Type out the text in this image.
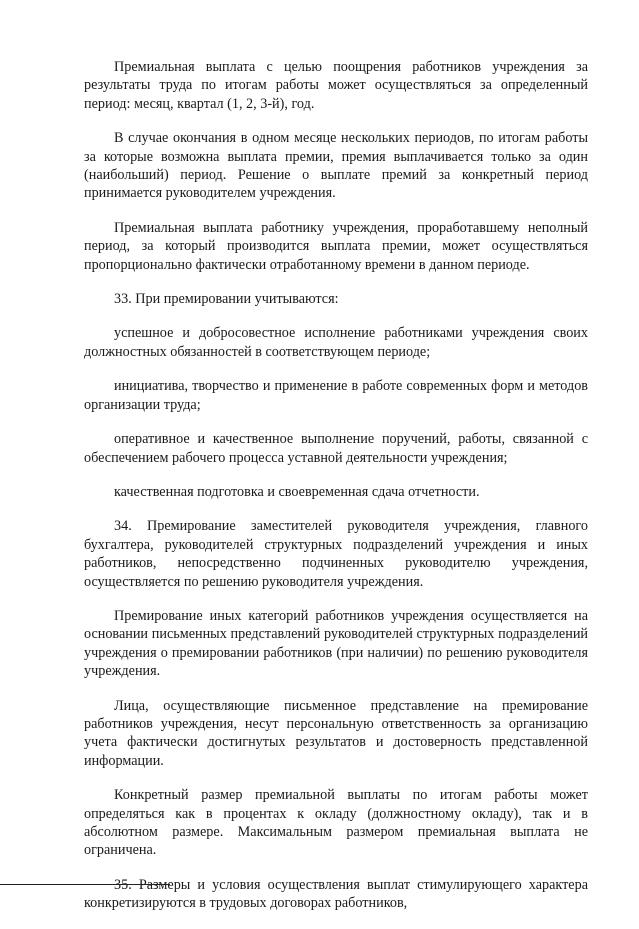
Премиальная выплата с целью поощрения работников учреждения за результаты труда по итогам работы может осуществляться за определенный период: месяц, квартал (1, 2, 3-й), год.

В случае окончания в одном месяце нескольких периодов, по итогам работы за которые возможна выплата премии, премия выплачивается только за один (наибольший) период. Решение о выплате премий за конкретный период принимается руководителем учреждения.

Премиальная выплата работнику учреждения, проработавшему неполный период, за который производится выплата премии, может осуществляться пропорционально фактически отработанному времени в данном периоде.

33. При премировании учитываются:

успешное и добросовестное исполнение работниками учреждения своих должностных обязанностей в соответствующем периоде;

инициатива, творчество и применение в работе современных форм и методов организации труда;

оперативное и качественное выполнение поручений, работы, связанной с обеспечением рабочего процесса уставной деятельности учреждения;

качественная подготовка и своевременная сдача отчетности.

34. Премирование заместителей руководителя учреждения, главного бухгалтера, руководителей структурных подразделений учреждения и иных работников, непосредственно подчиненных руководителю учреждения, осуществляется по решению руководителя учреждения.

Премирование иных категорий работников учреждения осуществляется на основании письменных представлений руководителей структурных подразделений учреждения о премировании работников (при наличии) по решению руководителя учреждения.

Лица, осуществляющие письменное представление на премирование работников учреждения, несут персональную ответственность за организацию учета фактически достигнутых результатов и достоверность представленной информации.

Конкретный размер премиальной выплаты по итогам работы может определяться как в процентах к окладу (должностному окладу), так и в абсолютном размере. Максимальным размером премиальная выплата не ограничена.

35. Размеры и условия осуществления выплат стимулирующего характера конкретизируются в трудовых договорах работников,
